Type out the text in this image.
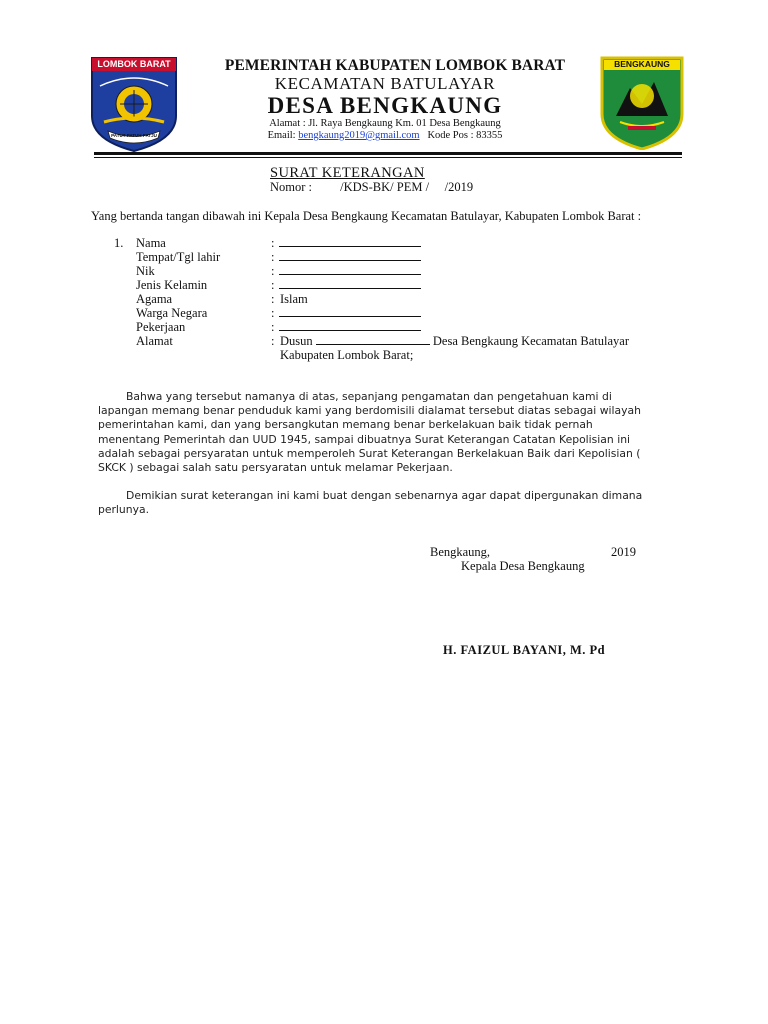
LOMBOK BARAT
PATUT PATUH PATJU
BENGKAUNG
PEMERINTAH KABUPATEN LOMBOK BARAT
KECAMATAN BATULAYAR
DESA BENGKAUNG
Alamat : Jl. Raya Bengkaung Km. 01 Desa Bengkaung
Email: bengkaung2019@gmail.com Kode Pos : 83355
SURAT KETERANGAN
Nomor :         /KDS-BK/ PEM /     /2019
Yang bertanda tangan dibawah ini Kepala Desa Bengkaung Kecamatan Batulayar, Kabupaten Lombok Barat :
1. Nama	:
Tempat/Tgl lahir	:
Nik	:
Jenis Kelamin	:
Agama	: Islam
Warga Negara	:
Pekerjaan	:
Alamat	: Dusun	Desa Bengkaung Kecamatan Batulayar
Kabupaten Lombok Barat;
Bahwa yang tersebut namanya di atas, sepanjang pengamatan dan pengetahuan kami di lapangan memang benar penduduk kami yang berdomisili dialamat tersebut diatas sebagai wilayah pemerintahan kami, dan yang bersangkutan memang benar berkelakuan baik tidak pernah menentang Pemerintah dan UUD 1945, sampai dibuatnya Surat Keterangan Catatan Kepolisian ini adalah sebagai persyaratan untuk memperoleh Surat Keterangan Berkelakuan Baik dari Kepolisian ( SKCK ) sebagai salah satu persyaratan untuk melamar Pekerjaan.
Demikian surat keterangan ini kami buat dengan sebenarnya agar dapat dipergunakan dimana perlunya.
Bengkaung,	2019
Kepala Desa Bengkaung
H. FAIZUL BAYANI, M. Pd
